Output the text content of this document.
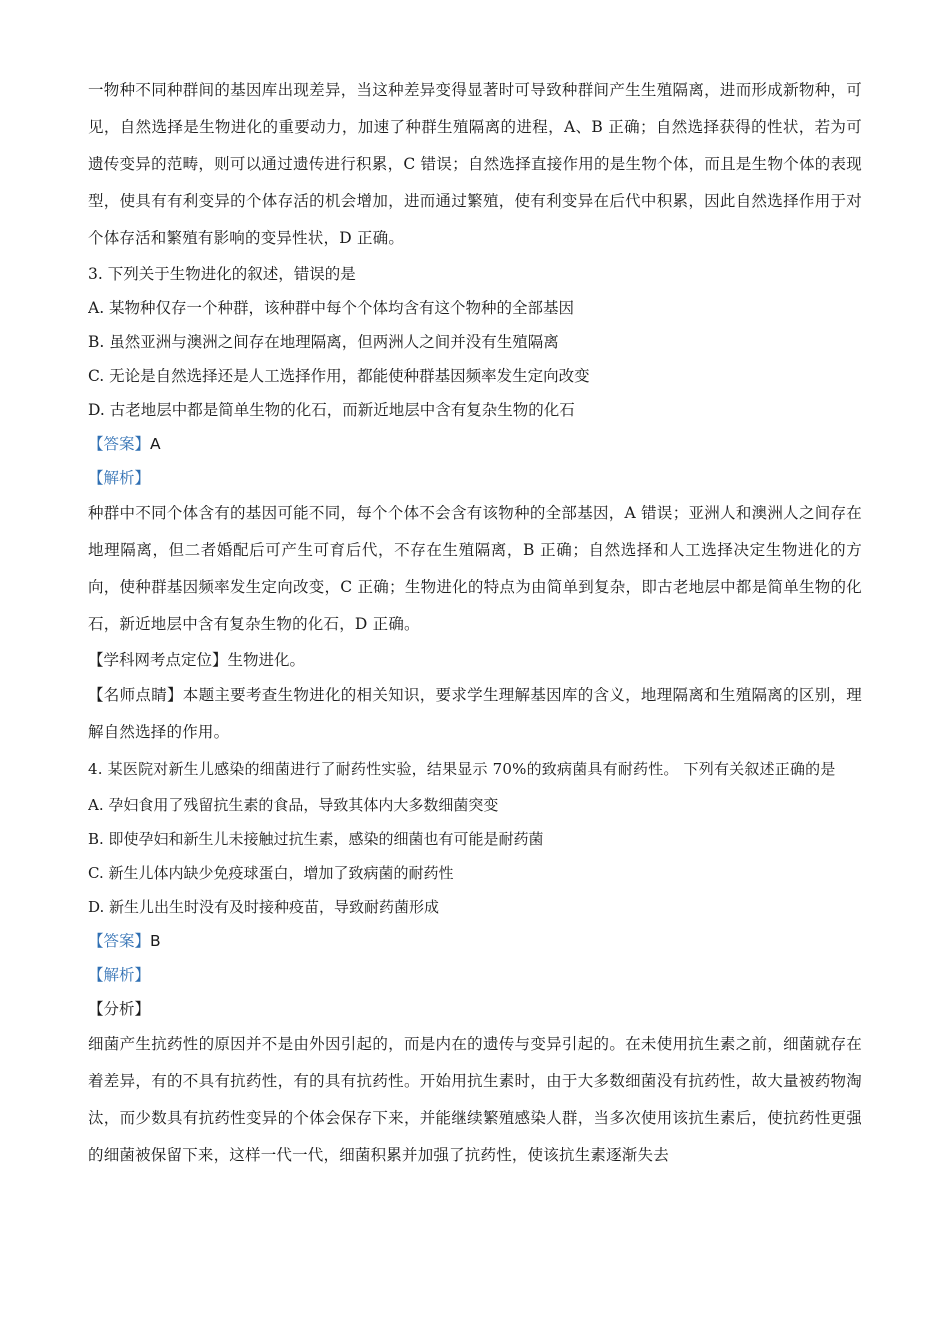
一物种不同种群间的基因库出现差异，当这种差异变得显著时可导致种群间产生生殖隔离，进而形成新物种，可见，自然选择是生物进化的重要动力，加速了种群生殖隔离的进程，A、B 正确；自然选择获得的性状，若为可遗传变异的范畴，则可以通过遗传进行积累，C 错误；自然选择直接作用的是生物个体，而且是生物个体的表现型，使具有有利变异的个体存活的机会增加，进而通过繁殖，使有利变异在后代中积累，因此自然选择作用于对个体存活和繁殖有影响的变异性状，D 正确。

3. 下列关于生物进化的叙述，错误的是

A. 某物种仅存一个种群，该种群中每个个体均含有这个物种的全部基因

B. 虽然亚洲与澳洲之间存在地理隔离，但两洲人之间并没有生殖隔离

C. 无论是自然选择还是人工选择作用，都能使种群基因频率发生定向改变

D. 古老地层中都是简单生物的化石，而新近地层中含有复杂生物的化石

【答案】A

【解析】

种群中不同个体含有的基因可能不同，每个个体不会含有该物种的全部基因，A 错误；亚洲人和澳洲人之间存在地理隔离，但二者婚配后可产生可育后代，不存在生殖隔离，B 正确；自然选择和人工选择决定生物进化的方向，使种群基因频率发生定向改变，C 正确；生物进化的特点为由简单到复杂，即古老地层中都是简单生物的化石，新近地层中含有复杂生物的化石，D 正确。

【学科网考点定位】生物进化。

【名师点睛】本题主要考查生物进化的相关知识，要求学生理解基因库的含义，地理隔离和生殖隔离的区别，理解自然选择的作用。

4. 某医院对新生儿感染的细菌进行了耐药性实验，结果显示 70%的致病菌具有耐药性。 下列有关叙述正确的是

A. 孕妇食用了残留抗生素的食品，导致其体内大多数细菌突变

B. 即使孕妇和新生儿未接触过抗生素，感染的细菌也有可能是耐药菌

C. 新生儿体内缺少免疫球蛋白，增加了致病菌的耐药性

D. 新生儿出生时没有及时接种疫苗，导致耐药菌形成

【答案】B

【解析】

【分析】

细菌产生抗药性的原因并不是由外因引起的，而是内在的遗传与变异引起的。在未使用抗生素之前，细菌就存在着差异，有的不具有抗药性，有的具有抗药性。开始用抗生素时，由于大多数细菌没有抗药性，故大量被药物淘汰，而少数具有抗药性变异的个体会保存下来，并能继续繁殖感染人群，当多次使用该抗生素后，使抗药性更强的细菌被保留下来，这样一代一代，细菌积累并加强了抗药性，使该抗生素逐渐失去
